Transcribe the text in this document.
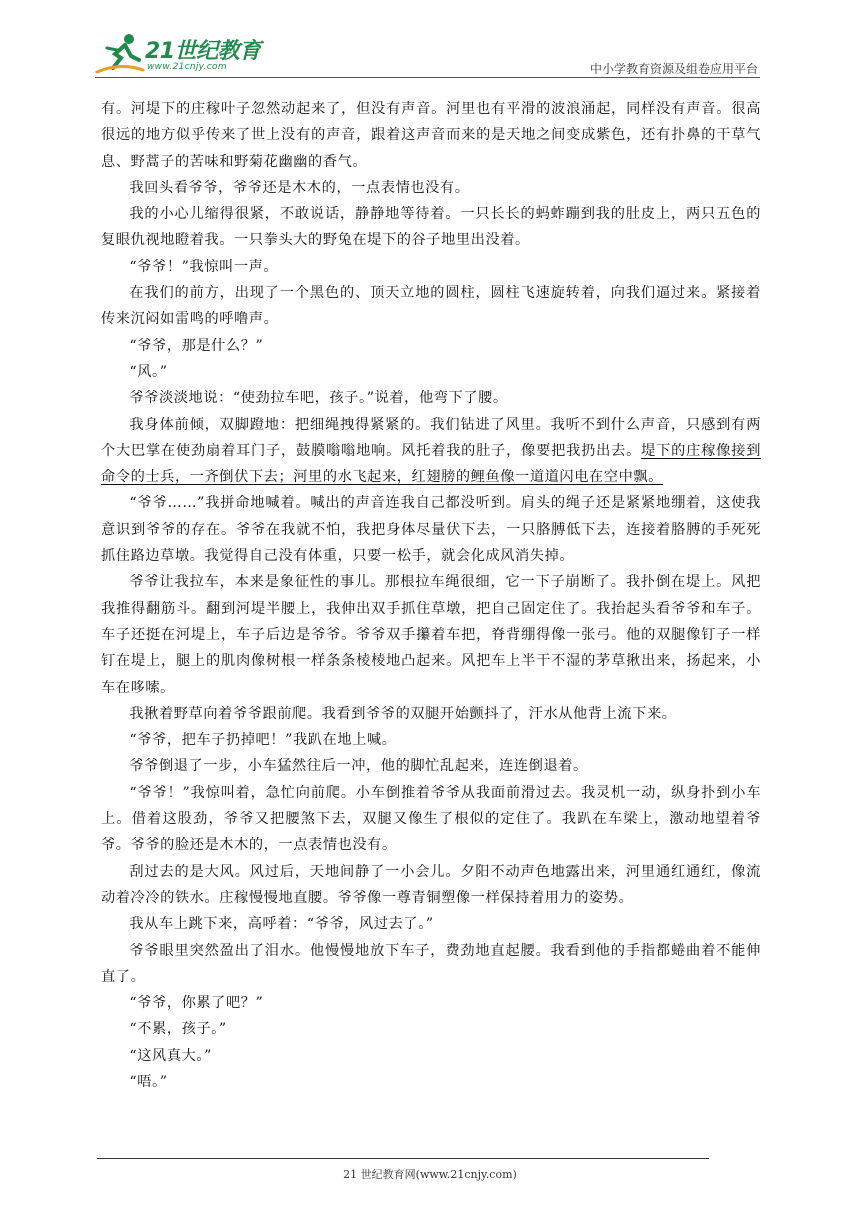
21世纪教育
www.21cnjy.com	中小学教育资源及组卷应用平台

有。河堤下的庄稼叶子忽然动起来了，但没有声音。河里也有平滑的波浪涌起，同样没有声音。很高很远的地方似乎传来了世上没有的声音，跟着这声音而来的是天地之间变成紫色，还有扑鼻的干草气息、野蒿子的苦味和野菊花幽幽的香气。

我回头看爷爷，爷爷还是木木的，一点表情也没有。

我的小心儿缩得很紧，不敢说话，静静地等待着。一只长长的蚂蚱蹦到我的肚皮上，两只五色的复眼仇视地瞪着我。一只拳头大的野兔在堤下的谷子地里出没着。

“爷爷！”我惊叫一声。

在我们的前方，出现了一个黑色的、顶天立地的圆柱，圆柱飞速旋转着，向我们逼过来。紧接着传来沉闷如雷鸣的呼噜声。

“爷爷，那是什么？”

“风。”

爷爷淡淡地说：“使劲拉车吧，孩子。”说着，他弯下了腰。

我身体前倾，双脚蹬地：把细绳拽得紧紧的。我们钻进了风里。我听不到什么声音，只感到有两个大巴掌在使劲扇着耳门子，鼓膜嗡嗡地响。风托着我的肚子，像要把我扔出去。堤下的庄稼像接到命令的士兵，一齐倒伏下去；河里的水飞起来，红翅膀的鲤鱼像一道道闪电在空中飘。

“爷爷……”我拼命地喊着。喊出的声音连我自己都没听到。肩头的绳子还是紧紧地绷着，这使我意识到爷爷的存在。爷爷在我就不怕，我把身体尽量伏下去，一只胳膊低下去，连接着胳膊的手死死抓住路边草墩。我觉得自己没有体重，只要一松手，就会化成风消失掉。

爷爷让我拉车，本来是象征性的事儿。那根拉车绳很细，它一下子崩断了。我扑倒在堤上。风把我推得翻筋斗。翻到河堤半腰上，我伸出双手抓住草墩，把自己固定住了。我抬起头看爷爷和车子。车子还挺在河堤上，车子后边是爷爷。爷爷双手攥着车把，脊背绷得像一张弓。他的双腿像钉子一样钉在堤上，腿上的肌肉像树根一样条条棱棱地凸起来。风把车上半干不湿的茅草揪出来，扬起来，小车在哆嗦。

我揪着野草向着爷爷跟前爬。我看到爷爷的双腿开始颤抖了，汗水从他背上流下来。

“爷爷，把车子扔掉吧！”我趴在地上喊。

爷爷倒退了一步，小车猛然往后一冲，他的脚忙乱起来，连连倒退着。

“爷爷！”我惊叫着，急忙向前爬。小车倒推着爷爷从我面前滑过去。我灵机一动，纵身扑到小车上。借着这股劲，爷爷又把腰煞下去，双腿又像生了根似的定住了。我趴在车梁上，激动地望着爷爷。爷爷的脸还是木木的，一点表情也没有。

刮过去的是大风。风过后，天地间静了一小会儿。夕阳不动声色地露出来，河里通红通红，像流动着冷冷的铁水。庄稼慢慢地直腰。爷爷像一尊青铜塑像一样保持着用力的姿势。

我从车上跳下来，高呼着：“爷爷，风过去了。”

爷爷眼里突然盈出了泪水。他慢慢地放下车子，费劲地直起腰。我看到他的手指都蜷曲着不能伸直了。

“爷爷，你累了吧？”

“不累，孩子。”

“这风真大。”

“唔。”

21 世纪教育网(www.21cnjy.com)
